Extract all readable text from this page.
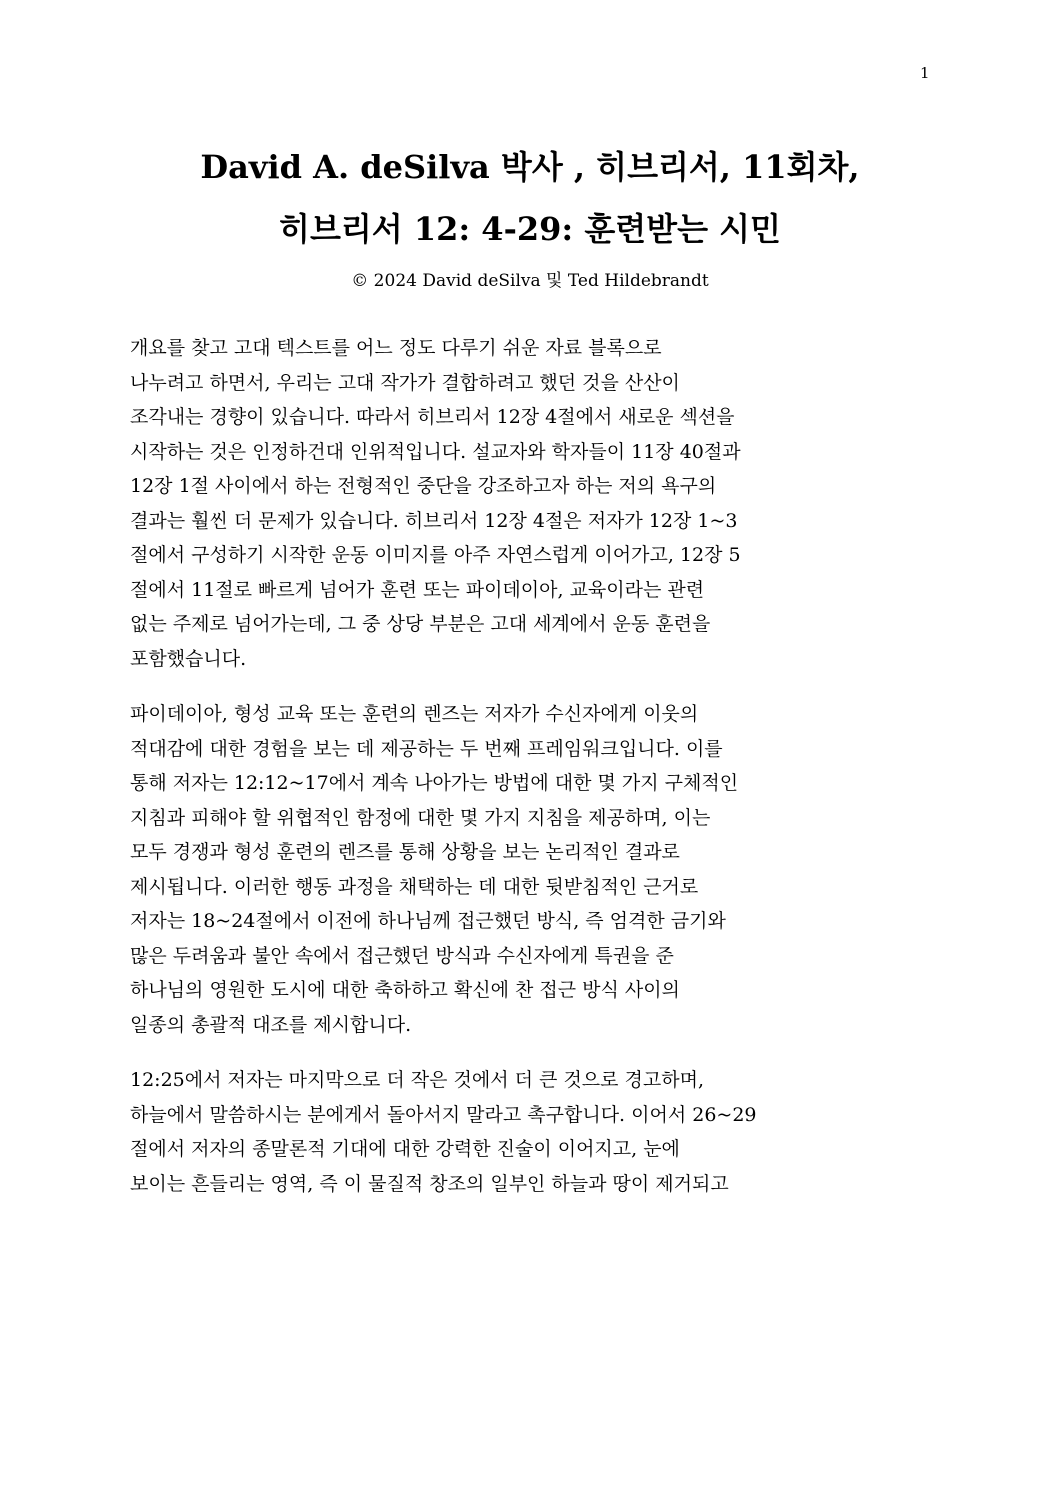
1
David A. deSilva 박사 , 히브리서, 11회차,
히브리서 12: 4-29: 훈련받는 시민
© 2024 David deSilva 및 Ted Hildebrandt

개요를 찾고 고대 텍스트를 어느 정도 다루기 쉬운 자료 블록으로
나누려고 하면서, 우리는 고대 작가가 결합하려고 했던 것을 산산이
조각내는 경향이 있습니다. 따라서 히브리서 12장 4절에서 새로운 섹션을
시작하는 것은 인정하건대 인위적입니다. 설교자와 학자들이 11장 40절과
12장 1절 사이에서 하는 전형적인 중단을 강조하고자 하는 저의 욕구의
결과는 훨씬 더 문제가 있습니다. 히브리서 12장 4절은 저자가 12장 1~3
절에서 구성하기 시작한 운동 이미지를 아주 자연스럽게 이어가고, 12장 5
절에서 11절로 빠르게 넘어가 훈련 또는 파이데이아, 교육이라는 관련
없는 주제로 넘어가는데, 그 중 상당 부분은 고대 세계에서 운동 훈련을
포함했습니다.

파이데이아, 형성 교육 또는 훈련의 렌즈는 저자가 수신자에게 이웃의
적대감에 대한 경험을 보는 데 제공하는 두 번째 프레임워크입니다. 이를
통해 저자는 12:12~17에서 계속 나아가는 방법에 대한 몇 가지 구체적인
지침과 피해야 할 위협적인 함정에 대한 몇 가지 지침을 제공하며, 이는
모두 경쟁과 형성 훈련의 렌즈를 통해 상황을 보는 논리적인 결과로
제시됩니다. 이러한 행동 과정을 채택하는 데 대한 뒷받침적인 근거로
저자는 18~24절에서 이전에 하나님께 접근했던 방식, 즉 엄격한 금기와
많은 두려움과 불안 속에서 접근했던 방식과 수신자에게 특권을 준
하나님의 영원한 도시에 대한 축하하고 확신에 찬 접근 방식 사이의
일종의 총괄적 대조를 제시합니다.

12:25에서 저자는 마지막으로 더 작은 것에서 더 큰 것으로 경고하며,
하늘에서 말씀하시는 분에게서 돌아서지 말라고 촉구합니다. 이어서 26~29
절에서 저자의 종말론적 기대에 대한 강력한 진술이 이어지고, 눈에
보이는 흔들리는 영역, 즉 이 물질적 창조의 일부인 하늘과 땅이 제거되고
